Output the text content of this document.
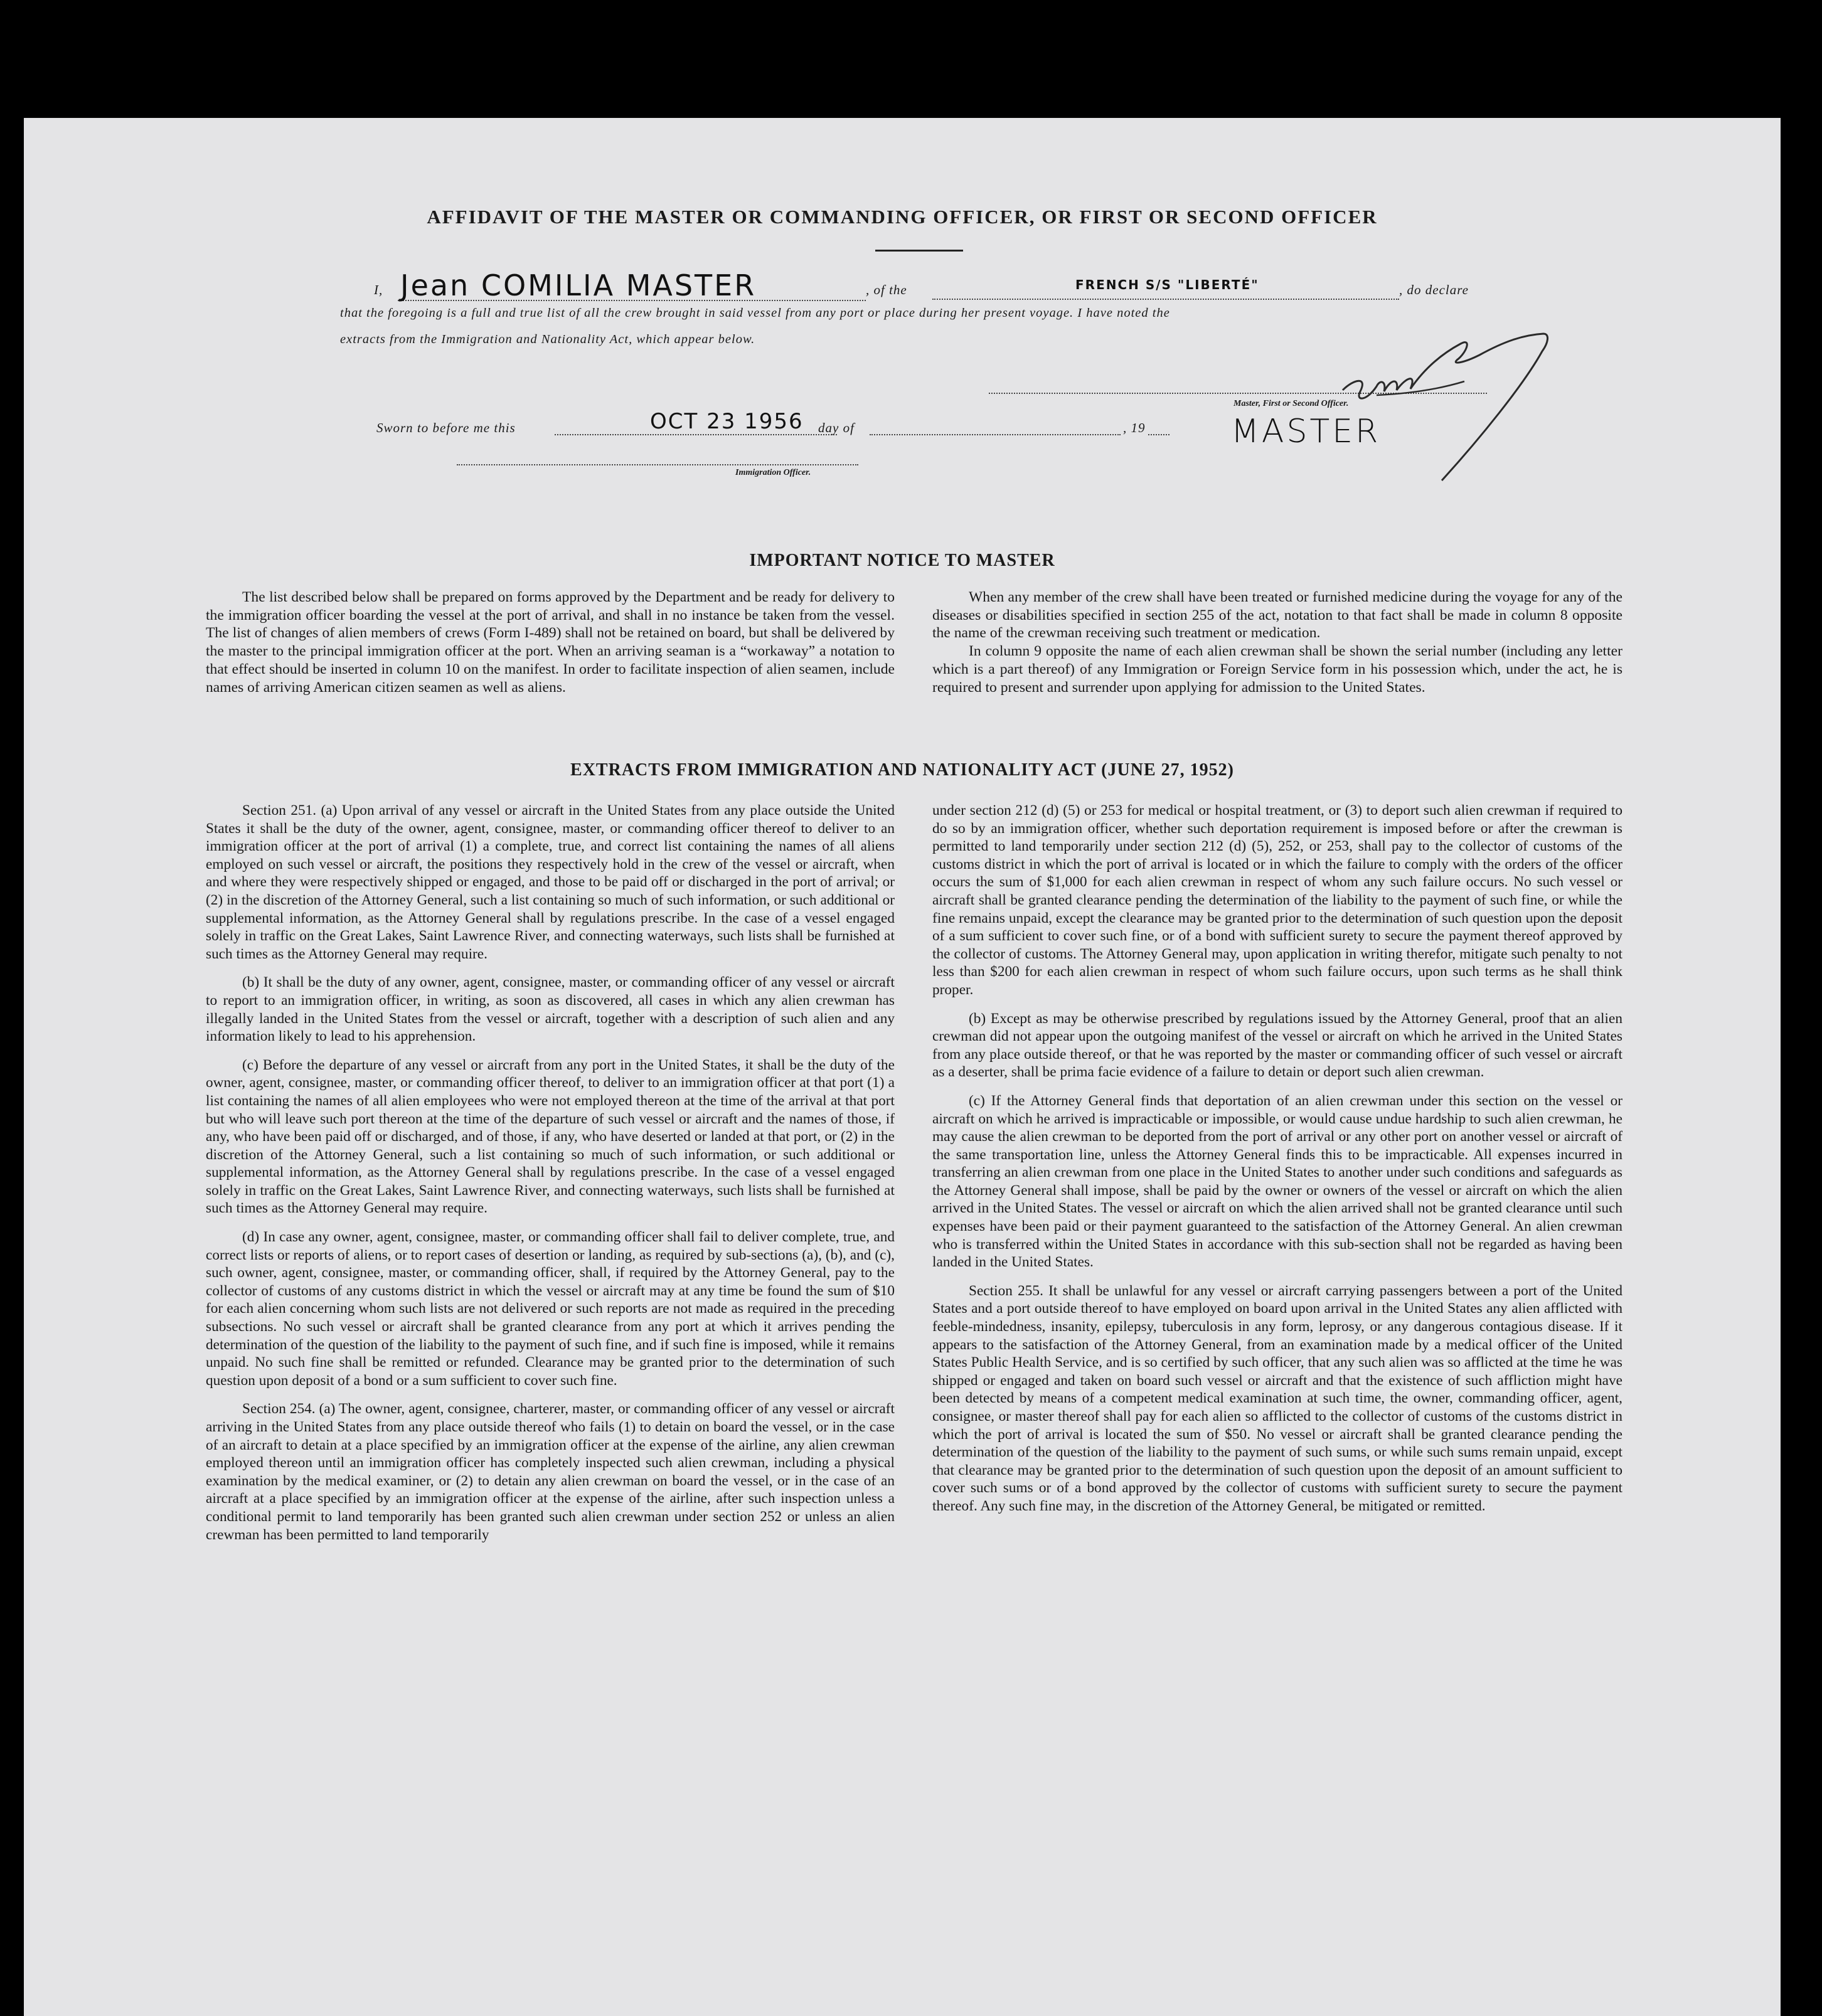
AFFIDAVIT OF THE MASTER OR COMMANDING OFFICER, OR FIRST OR SECOND OFFICER
I, Jean COMILIA MASTER	, of the	FRENCH S/S "LIBERTÉ"	, do declare
that the foregoing is a full and true list of all the crew brought in said vessel from any port or place during her present voyage. I have noted the
extracts from the Immigration and Nationality Act, which appear below.
Master, First or Second Officer.
MASTER
Sworn to before me this	OCT 23 1956 day of	, 19
Immigration Officer.
IMPORTANT NOTICE TO MASTER

The list described below shall be prepared on forms approved by the Department and be ready for delivery to the immigration officer boarding the vessel at the port of arrival, and shall in no instance be taken from the vessel. The list of changes of alien members of crews (Form I-489) shall not be retained on board, but shall be delivered by the master to the principal immigration officer at the port. When an arriving seaman is a “workaway” a notation to that effect should be inserted in column 10 on the manifest. In order to facilitate inspection of alien seamen, include names of arriving American citizen seamen as well as aliens.

When any member of the crew shall have been treated or furnished medicine during the voyage for any of the diseases or disabilities specified in section 255 of the act, notation to that fact shall be made in column 8 opposite the name of the crewman receiving such treatment or medication.

In column 9 opposite the name of each alien crewman shall be shown the serial number (including any letter which is a part thereof) of any Immigration or Foreign Service form in his possession which, under the act, he is required to present and surrender upon applying for admission to the United States.

EXTRACTS FROM IMMIGRATION AND NATIONALITY ACT (JUNE 27, 1952)

Section 251. (a) Upon arrival of any vessel or aircraft in the United States from any place outside the United States it shall be the duty of the owner, agent, consignee, master, or commanding officer thereof to deliver to an immigration officer at the port of arrival (1) a complete, true, and correct list containing the names of all aliens employed on such vessel or aircraft, the positions they respectively hold in the crew of the vessel or aircraft, when and where they were respectively shipped or engaged, and those to be paid off or discharged in the port of arrival; or (2) in the discretion of the Attorney General, such a list containing so much of such information, or such additional or supplemental information, as the Attorney General shall by regulations prescribe. In the case of a vessel engaged solely in traffic on the Great Lakes, Saint Lawrence River, and connecting waterways, such lists shall be furnished at such times as the Attorney General may require.

(b) It shall be the duty of any owner, agent, consignee, master, or commanding officer of any vessel or aircraft to report to an immigration officer, in writing, as soon as discovered, all cases in which any alien crewman has illegally landed in the United States from the vessel or aircraft, together with a description of such alien and any information likely to lead to his apprehension.

(c) Before the departure of any vessel or aircraft from any port in the United States, it shall be the duty of the owner, agent, consignee, master, or commanding officer thereof, to deliver to an immigration officer at that port (1) a list containing the names of all alien employees who were not employed thereon at the time of the arrival at that port but who will leave such port thereon at the time of the departure of such vessel or aircraft and the names of those, if any, who have been paid off or discharged, and of those, if any, who have deserted or landed at that port, or (2) in the discretion of the Attorney General, such a list containing so much of such information, or such additional or supplemental information, as the Attorney General shall by regulations prescribe. In the case of a vessel engaged solely in traffic on the Great Lakes, Saint Lawrence River, and connecting waterways, such lists shall be furnished at such times as the Attorney General may require.

(d) In case any owner, agent, consignee, master, or commanding officer shall fail to deliver complete, true, and correct lists or reports of aliens, or to report cases of desertion or landing, as required by sub-sections (a), (b), and (c), such owner, agent, consignee, master, or commanding officer, shall, if required by the Attorney General, pay to the collector of customs of any customs district in which the vessel or aircraft may at any time be found the sum of $10 for each alien concerning whom such lists are not delivered or such reports are not made as required in the preceding subsections. No such vessel or aircraft shall be granted clearance from any port at which it arrives pending the determination of the question of the liability to the payment of such fine, and if such fine is imposed, while it remains unpaid. No such fine shall be remitted or refunded. Clearance may be granted prior to the determination of such question upon deposit of a bond or a sum sufficient to cover such fine.

Section 254. (a) The owner, agent, consignee, charterer, master, or commanding officer of any vessel or aircraft arriving in the United States from any place outside thereof who fails (1) to detain on board the vessel, or in the case of an aircraft to detain at a place specified by an immigration officer at the expense of the airline, any alien crewman employed thereon until an immigration officer has completely inspected such alien crewman, including a physical examination by the medical examiner, or (2) to detain any alien crewman on board the vessel, or in the case of an aircraft at a place specified by an immigration officer at the expense of the airline, after such inspection unless a conditional permit to land temporarily has been granted such alien crewman under section 252 or unless an alien crewman has been permitted to land temporarily

under section 212 (d) (5) or 253 for medical or hospital treatment, or (3) to deport such alien crewman if required to do so by an immigration officer, whether such deportation requirement is imposed before or after the crewman is permitted to land temporarily under section 212 (d) (5), 252, or 253, shall pay to the collector of customs of the customs district in which the port of arrival is located or in which the failure to comply with the orders of the officer occurs the sum of $1,000 for each alien crewman in respect of whom any such failure occurs. No such vessel or aircraft shall be granted clearance pending the determination of the liability to the payment of such fine, or while the fine remains unpaid, except the clearance may be granted prior to the determination of such question upon the deposit of a sum sufficient to cover such fine, or of a bond with sufficient surety to secure the payment thereof approved by the collector of customs. The Attorney General may, upon application in writing therefor, mitigate such penalty to not less than $200 for each alien crewman in respect of whom such failure occurs, upon such terms as he shall think proper.

(b) Except as may be otherwise prescribed by regulations issued by the Attorney General, proof that an alien crewman did not appear upon the outgoing manifest of the vessel or aircraft on which he arrived in the United States from any place outside thereof, or that he was reported by the master or commanding officer of such vessel or aircraft as a deserter, shall be prima facie evidence of a failure to detain or deport such alien crewman.

(c) If the Attorney General finds that deportation of an alien crewman under this section on the vessel or aircraft on which he arrived is impracticable or impossible, or would cause undue hardship to such alien crewman, he may cause the alien crewman to be deported from the port of arrival or any other port on another vessel or aircraft of the same transportation line, unless the Attorney General finds this to be impracticable. All expenses incurred in transferring an alien crewman from one place in the United States to another under such conditions and safeguards as the Attorney General shall impose, shall be paid by the owner or owners of the vessel or aircraft on which the alien arrived in the United States. The vessel or aircraft on which the alien arrived shall not be granted clearance until such expenses have been paid or their payment guaranteed to the satisfaction of the Attorney General. An alien crewman who is transferred within the United States in accordance with this sub-section shall not be regarded as having been landed in the United States.

Section 255. It shall be unlawful for any vessel or aircraft carrying passengers between a port of the United States and a port outside thereof to have employed on board upon arrival in the United States any alien afflicted with feeble-mindedness, insanity, epilepsy, tuberculosis in any form, leprosy, or any dangerous contagious disease. If it appears to the satisfaction of the Attorney General, from an examination made by a medical officer of the United States Public Health Service, and is so certified by such officer, that any such alien was so afflicted at the time he was shipped or engaged and taken on board such vessel or aircraft and that the existence of such affliction might have been detected by means of a competent medical examination at such time, the owner, commanding officer, agent, consignee, or master thereof shall pay for each alien so afflicted to the collector of customs of the customs district in which the port of arrival is located the sum of $50. No vessel or aircraft shall be granted clearance pending the determination of the question of the liability to the payment of such sums, or while such sums remain unpaid, except that clearance may be granted prior to the determination of such question upon the deposit of an amount sufficient to cover such sums or of a bond approved by the collector of customs with sufficient surety to secure the payment thereof. Any such fine may, in the discretion of the Attorney General, be mitigated or remitted.
